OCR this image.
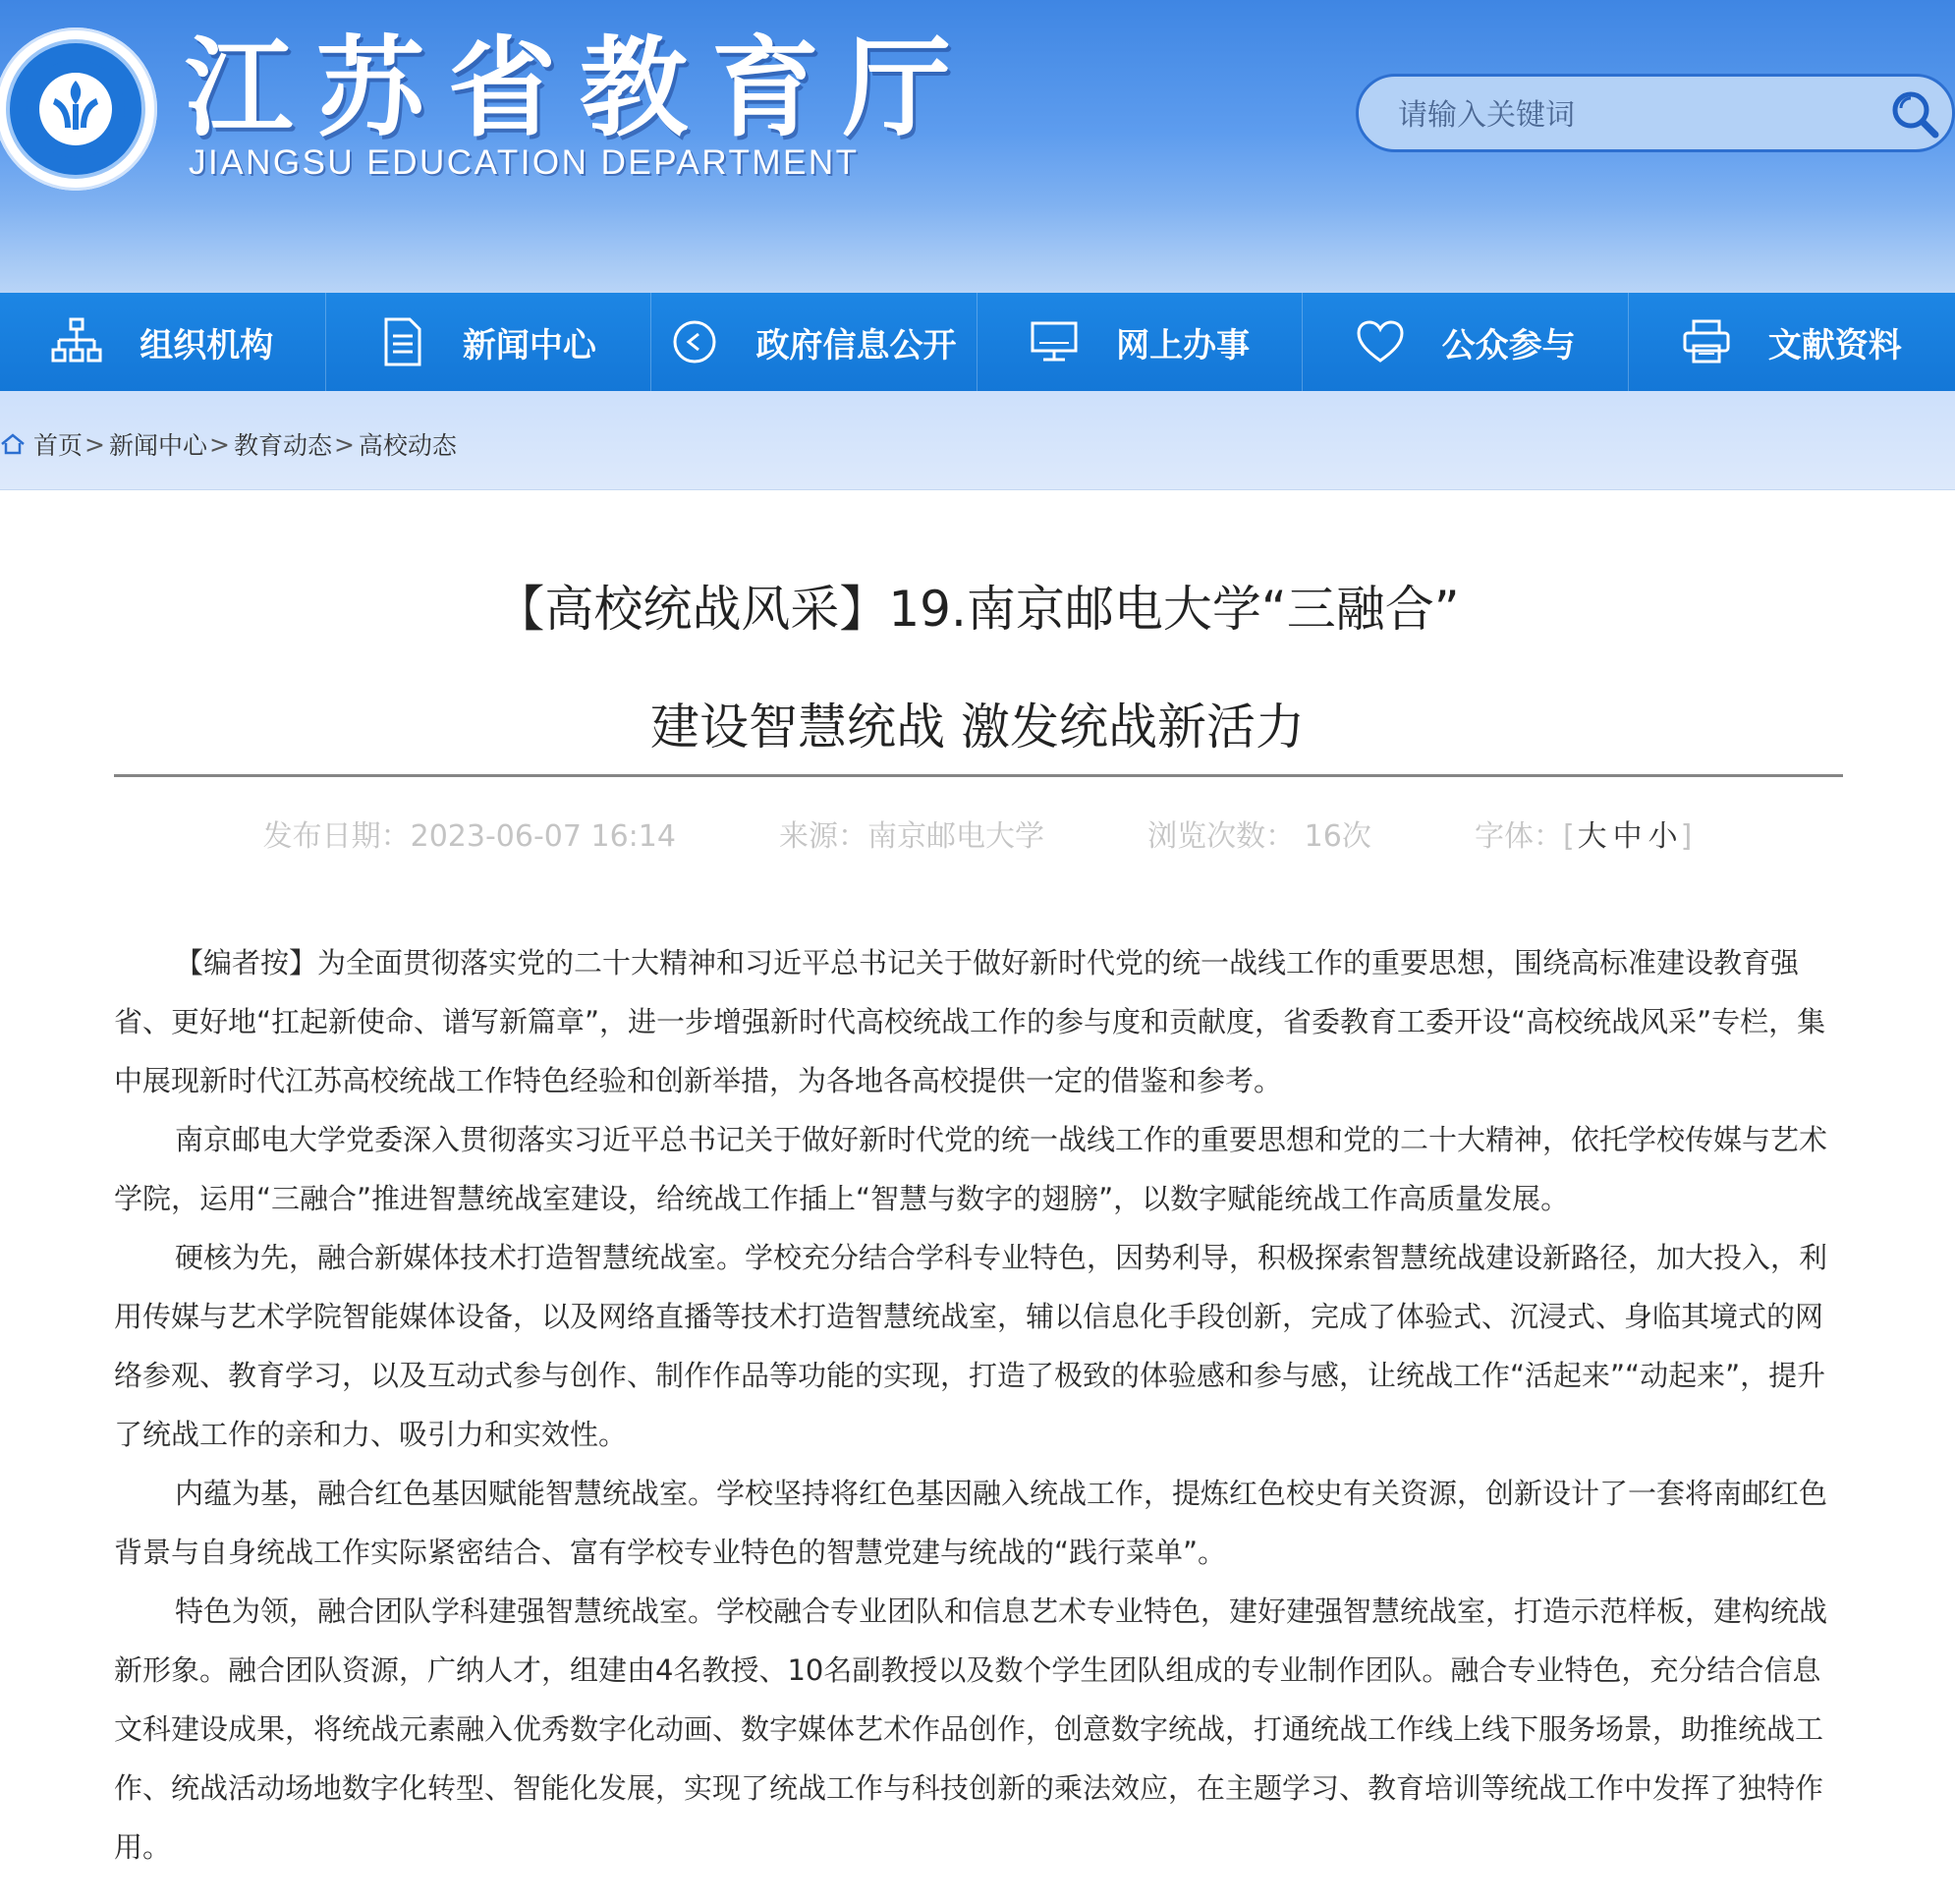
江苏省教育厅
JIANGSU EDUCATION DEPARTMENT
请输入关键词
组织机构	新闻中心	政府信息公开	网上办事	公众参与	文献资料
首页 > 新闻中心 > 教育动态 > 高校动态
【高校统战风采】19.南京邮电大学“三融合”
建设智慧统战 激发统战新活力
发布日期：2023-06-07 16:14	来源：南京邮电大学	浏览次数： 16次	字体：[ 大 中 小 ]

【编者按】为全面贯彻落实党的二十大精神和习近平总书记关于做好新时代党的统一战线工作的重要思想，围绕高标准建设教育强省、更好地“扛起新使命、谱写新篇章”，进一步增强新时代高校统战工作的参与度和贡献度，省委教育工委开设“高校统战风采”专栏，集中展现新时代江苏高校统战工作特色经验和创新举措，为各地各高校提供一定的借鉴和参考。

南京邮电大学党委深入贯彻落实习近平总书记关于做好新时代党的统一战线工作的重要思想和党的二十大精神，依托学校传媒与艺术学院，运用“三融合”推进智慧统战室建设，给统战工作插上“智慧与数字的翅膀”，以数字赋能统战工作高质量发展。

硬核为先，融合新媒体技术打造智慧统战室。学校充分结合学科专业特色，因势利导，积极探索智慧统战建设新路径，加大投入，利用传媒与艺术学院智能媒体设备，以及网络直播等技术打造智慧统战室，辅以信息化手段创新，完成了体验式、沉浸式、身临其境式的网络参观、教育学习，以及互动式参与创作、制作作品等功能的实现，打造了极致的体验感和参与感，让统战工作“活起来”“动起来”，提升了统战工作的亲和力、吸引力和实效性。

内蕴为基，融合红色基因赋能智慧统战室。学校坚持将红色基因融入统战工作，提炼红色校史有关资源，创新设计了一套将南邮红色背景与自身统战工作实际紧密结合、富有学校专业特色的智慧党建与统战的“践行菜单”。

特色为领，融合团队学科建强智慧统战室。学校融合专业团队和信息艺术专业特色，建好建强智慧统战室，打造示范样板，建构统战新形象。融合团队资源，广纳人才，组建由4名教授、10名副教授以及数个学生团队组成的专业制作团队。融合专业特色，充分结合信息文科建设成果，将统战元素融入优秀数字化动画、数字媒体艺术作品创作，创意数字统战，打通统战工作线上线下服务场景，助推统战工作、统战活动场地数字化转型、智能化发展，实现了统战工作与科技创新的乘法效应，在主题学习、教育培训等统战工作中发挥了独特作用。
